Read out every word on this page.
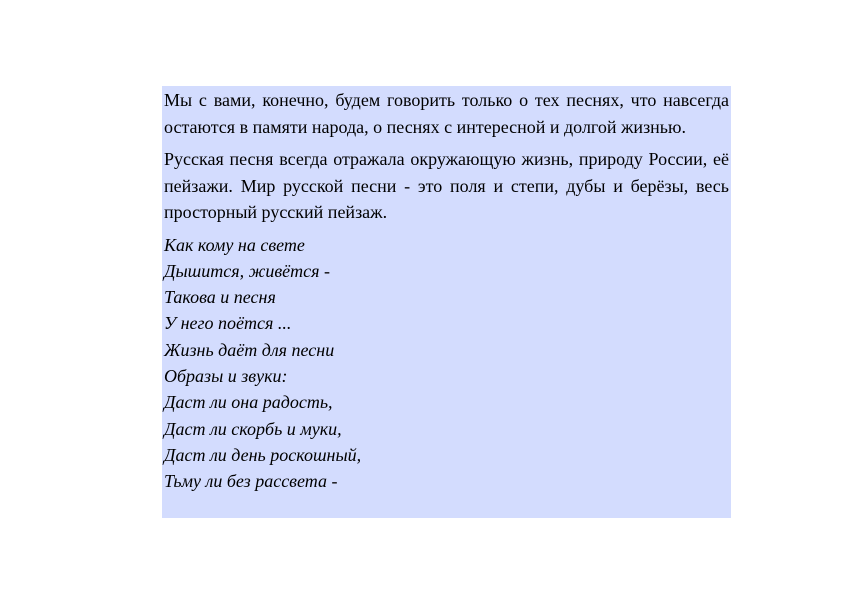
Мы с вами, конечно, будем говорить только о тех песнях, что навсегда остаются в памяти народа, о песнях с интересной и долгой жизнью.

Русская песня всегда отражала окружающую жизнь, природу России, её пейзажи. Мир русской песни - это поля и степи, дубы и берёзы, весь просторный русский пейзаж.

Как кому на свете
Дышится, живётся -
Такова и песня
У него поётся ...
Жизнь даёт для песни
Образы и звуки:
Даст ли она радость,
Даст ли скорбь и муки,
Даст ли день роскошный,
Тьму ли без рассвета -
